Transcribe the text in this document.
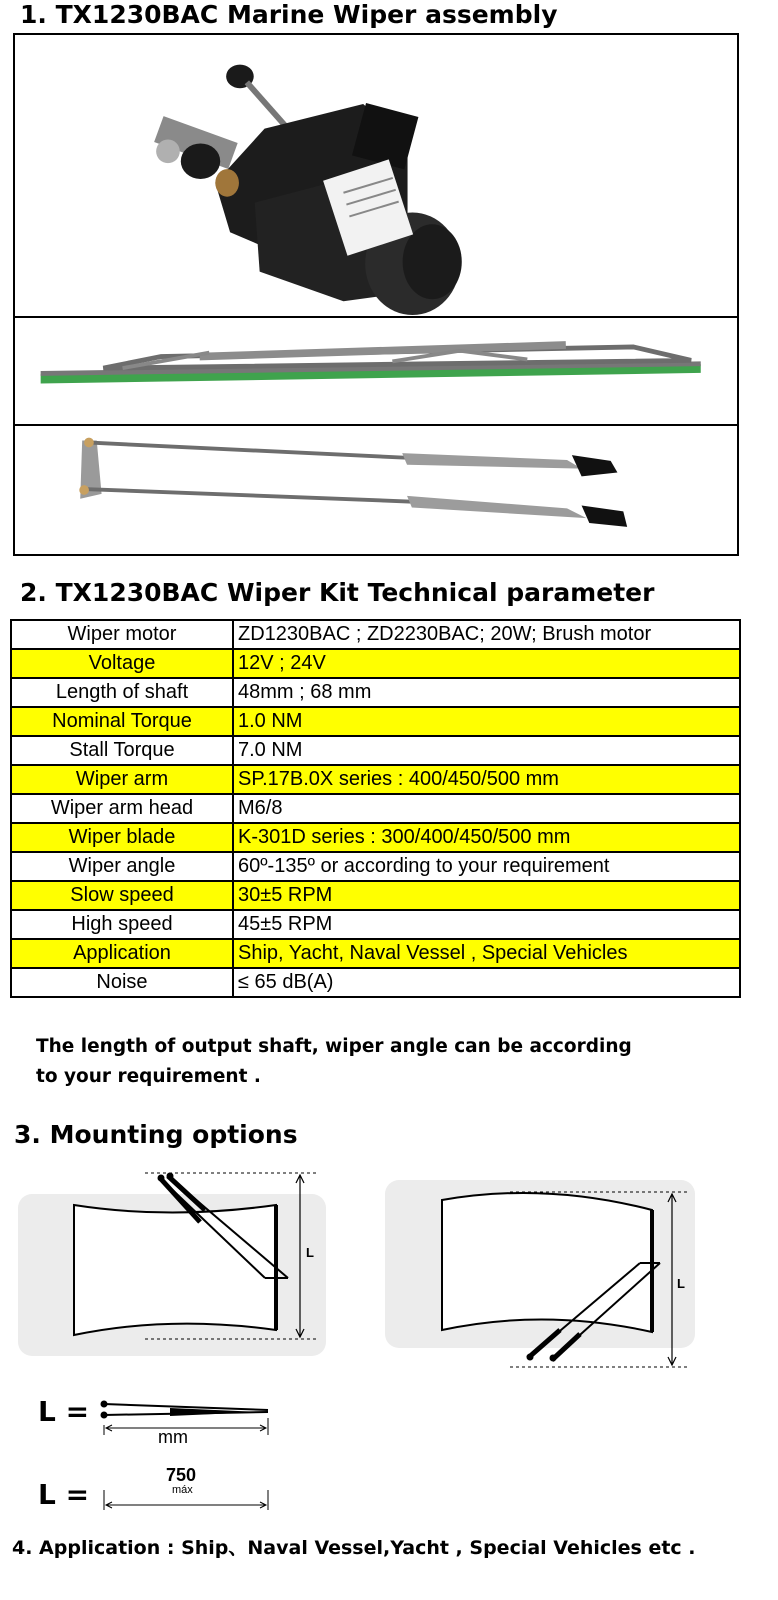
1. TX1230BAC Marine Wiper assembly
2. TX1230BAC Wiper Kit Technical parameter
Wiper motor	ZD1230BAC ; ZD2230BAC; 20W; Brush motor
Voltage	12V ; 24V
Length of shaft	48mm ; 68 mm
Nominal Torque	1.0 NM
Stall Torque	7.0 NM
Wiper arm	SP.17B.0X series : 400/450/500 mm
Wiper arm head	M6/8
Wiper blade	K-301D series : 300/400/450/500 mm
Wiper angle	60º-135º or according to your requirement
Slow speed	30±5 RPM
High speed	45±5 RPM
Application	Ship, Yacht, Naval Vessel , Special Vehicles
Noise	≤ 65 dB(A)
The length of output shaft, wiper angle can be according
to your requirement .
3. Mounting options
L
L
L =
L =
mm
750
máx
4. Application : Ship、Naval Vessel,Yacht , Special Vehicles etc .
